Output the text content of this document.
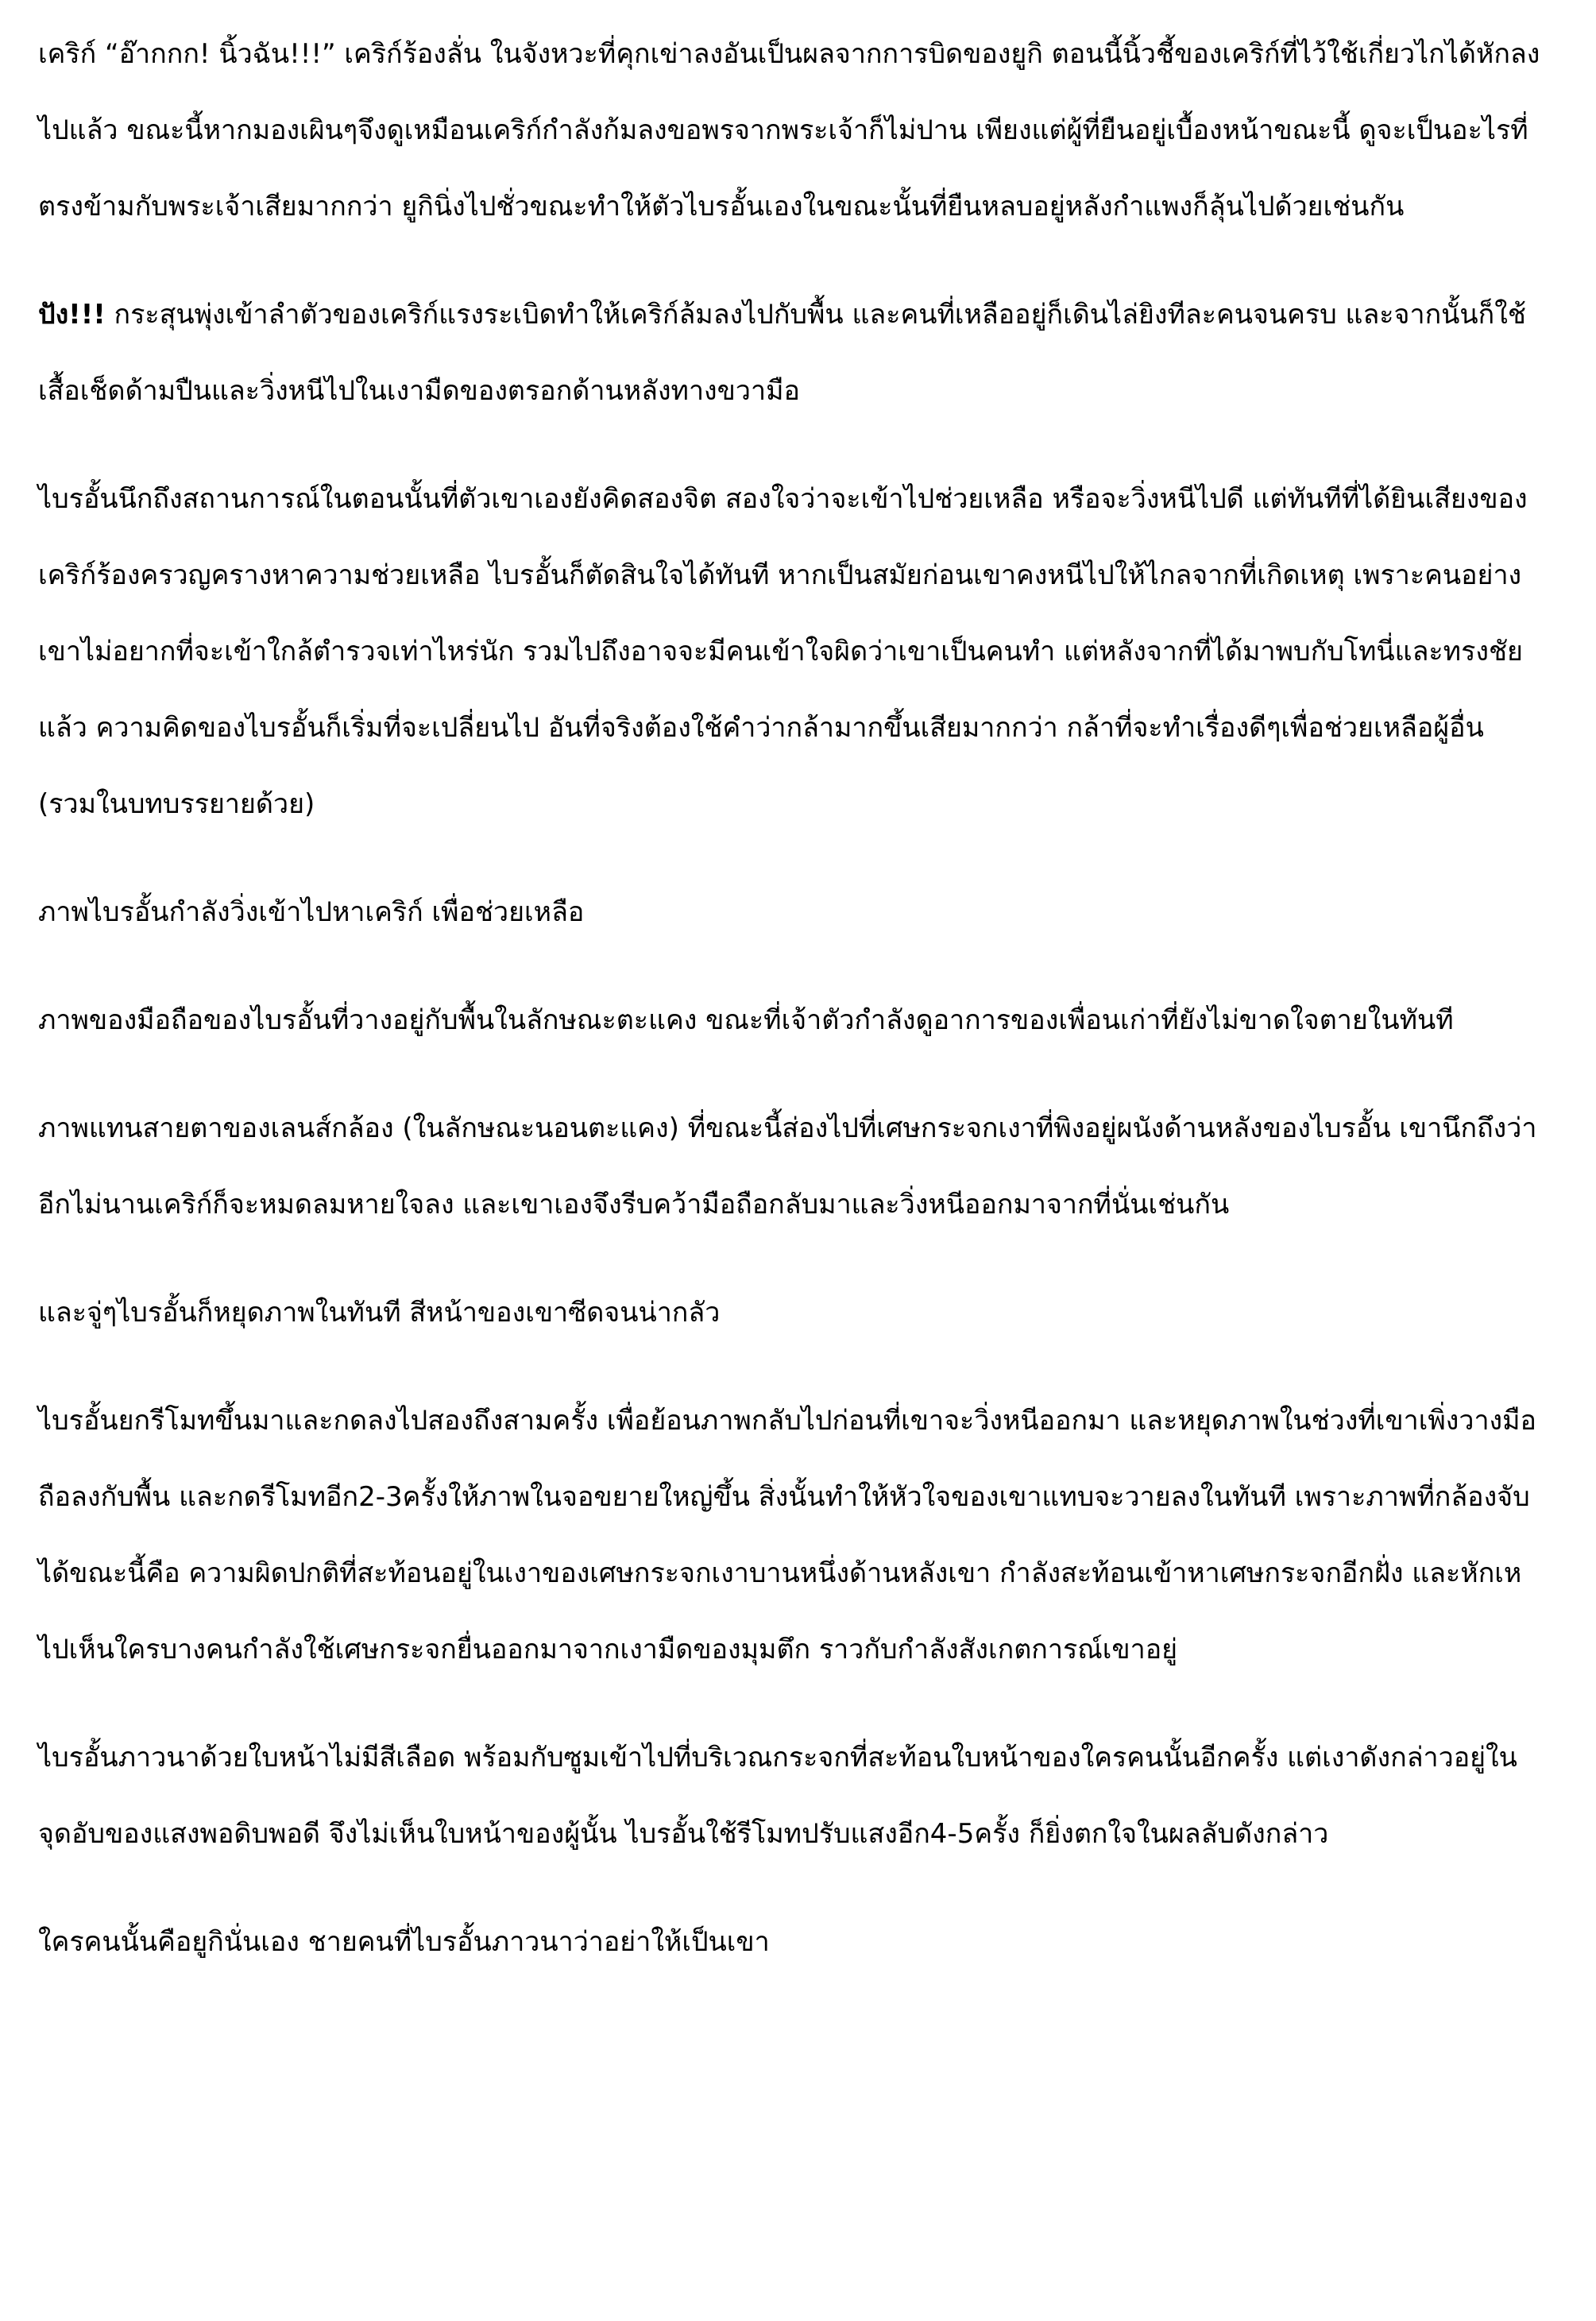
เคริก์ “อ๊ากกก! นิ้วฉัน!!!” เคริก์ร้องลั่น ในจังหวะที่คุกเข่าลงอันเป็นผลจากการบิดของยูกิ ตอนนี้นิ้วชี้ของเคริก์ที่ไว้ใช้เกี่ยวไกได้หักลงไปแล้ว ขณะนี้หากมองเผินๆจึงดูเหมือนเคริก์กำลังก้มลงขอพรจากพระเจ้าก็ไม่ปาน เพียงแต่ผู้ที่ยืนอยู่เบื้องหน้าขณะนี้ ดูจะเป็นอะไรที่ตรงข้ามกับพระเจ้าเสียมากกว่า ยูกินิ่งไปชั่วขณะทำให้ตัวไบรอั้นเองในขณะนั้นที่ยืนหลบอยู่หลังกำแพงก็ลุ้นไปด้วยเช่นกัน

ปัง!!! กระสุนพุ่งเข้าลำตัวของเคริก์แรงระเบิดทำให้เคริก์ล้มลงไปกับพื้น และคนที่เหลืออยู่ก็เดินไล่ยิงทีละคนจนครบ และจากนั้นก็ใช้เสื้อเช็ดด้ามปืนและวิ่งหนีไปในเงามืดของตรอกด้านหลังทางขวามือ

ไบรอั้นนึกถึงสถานการณ์ในตอนนั้นที่ตัวเขาเองยังคิดสองจิต สองใจว่าจะเข้าไปช่วยเหลือ หรือจะวิ่งหนีไปดี แต่ทันทีที่ได้ยินเสียงของเคริก์ร้องครวญครางหาความช่วยเหลือ ไบรอั้นก็ตัดสินใจได้ทันที หากเป็นสมัยก่อนเขาคงหนีไปให้ไกลจากที่เกิดเหตุ เพราะคนอย่างเขาไม่อยากที่จะเข้าใกล้ตำรวจเท่าไหร่นัก รวมไปถึงอาจจะมีคนเข้าใจผิดว่าเขาเป็นคนทำ แต่หลังจากที่ได้มาพบกับโทนี่และทรงชัยแล้ว ความคิดของไบรอั้นก็เริ่มที่จะเปลี่ยนไป อันที่จริงต้องใช้คำว่ากล้ามากขึ้นเสียมากกว่า กล้าที่จะทำเรื่องดีๆเพื่อช่วยเหลือผู้อื่น (รวมในบทบรรยายด้วย)

ภาพไบรอั้นกำลังวิ่งเข้าไปหาเคริก์ เพื่อช่วยเหลือ

ภาพของมือถือของไบรอั้นที่วางอยู่กับพื้นในลักษณะตะแคง ขณะที่เจ้าตัวกำลังดูอาการของเพื่อนเก่าที่ยังไม่ขาดใจตายในทันที

ภาพแทนสายตาของเลนส์กล้อง (ในลักษณะนอนตะแคง) ที่ขณะนี้ส่องไปที่เศษกระจกเงาที่พิงอยู่ผนังด้านหลังของไบรอั้น เขานึกถึงว่าอีกไม่นานเคริก์ก็จะหมดลมหายใจลง และเขาเองจึงรีบคว้ามือถือกลับมาและวิ่งหนีออกมาจากที่นั่นเช่นกัน

และจู่ๆไบรอั้นก็หยุดภาพในทันที สีหน้าของเขาซีดจนน่ากลัว

ไบรอั้นยกรีโมทขึ้นมาและกดลงไปสองถึงสามครั้ง เพื่อย้อนภาพกลับไปก่อนที่เขาจะวิ่งหนีออกมา และหยุดภาพในช่วงที่เขาเพิ่งวางมือถือลงกับพื้น และกดรีโมทอีก2-3ครั้งให้ภาพในจอขยายใหญ่ขึ้น สิ่งนั้นทำให้หัวใจของเขาแทบจะวายลงในทันที เพราะภาพที่กล้องจับได้ขณะนี้คือ ความผิดปกติที่สะท้อนอยู่ในเงาของเศษกระจกเงาบานหนึ่งด้านหลังเขา กำลังสะท้อนเข้าหาเศษกระจกอีกฝั่ง และหักเหไปเห็นใครบางคนกำลังใช้เศษกระจกยื่นออกมาจากเงามืดของมุมตึก ราวกับกำลังสังเกตการณ์เขาอยู่

ไบรอั้นภาวนาด้วยใบหน้าไม่มีสีเลือด พร้อมกับซูมเข้าไปที่บริเวณกระจกที่สะท้อนใบหน้าของใครคนนั้นอีกครั้ง แต่เงาดังกล่าวอยู่ในจุดอับของแสงพอดิบพอดี จึงไม่เห็นใบหน้าของผู้นั้น ไบรอั้นใช้รีโมทปรับแสงอีก4-5ครั้ง ก็ยิ่งตกใจในผลลับดังกล่าว

ใครคนนั้นคือยูกินั่นเอง ชายคนที่ไบรอั้นภาวนาว่าอย่าให้เป็นเขา
